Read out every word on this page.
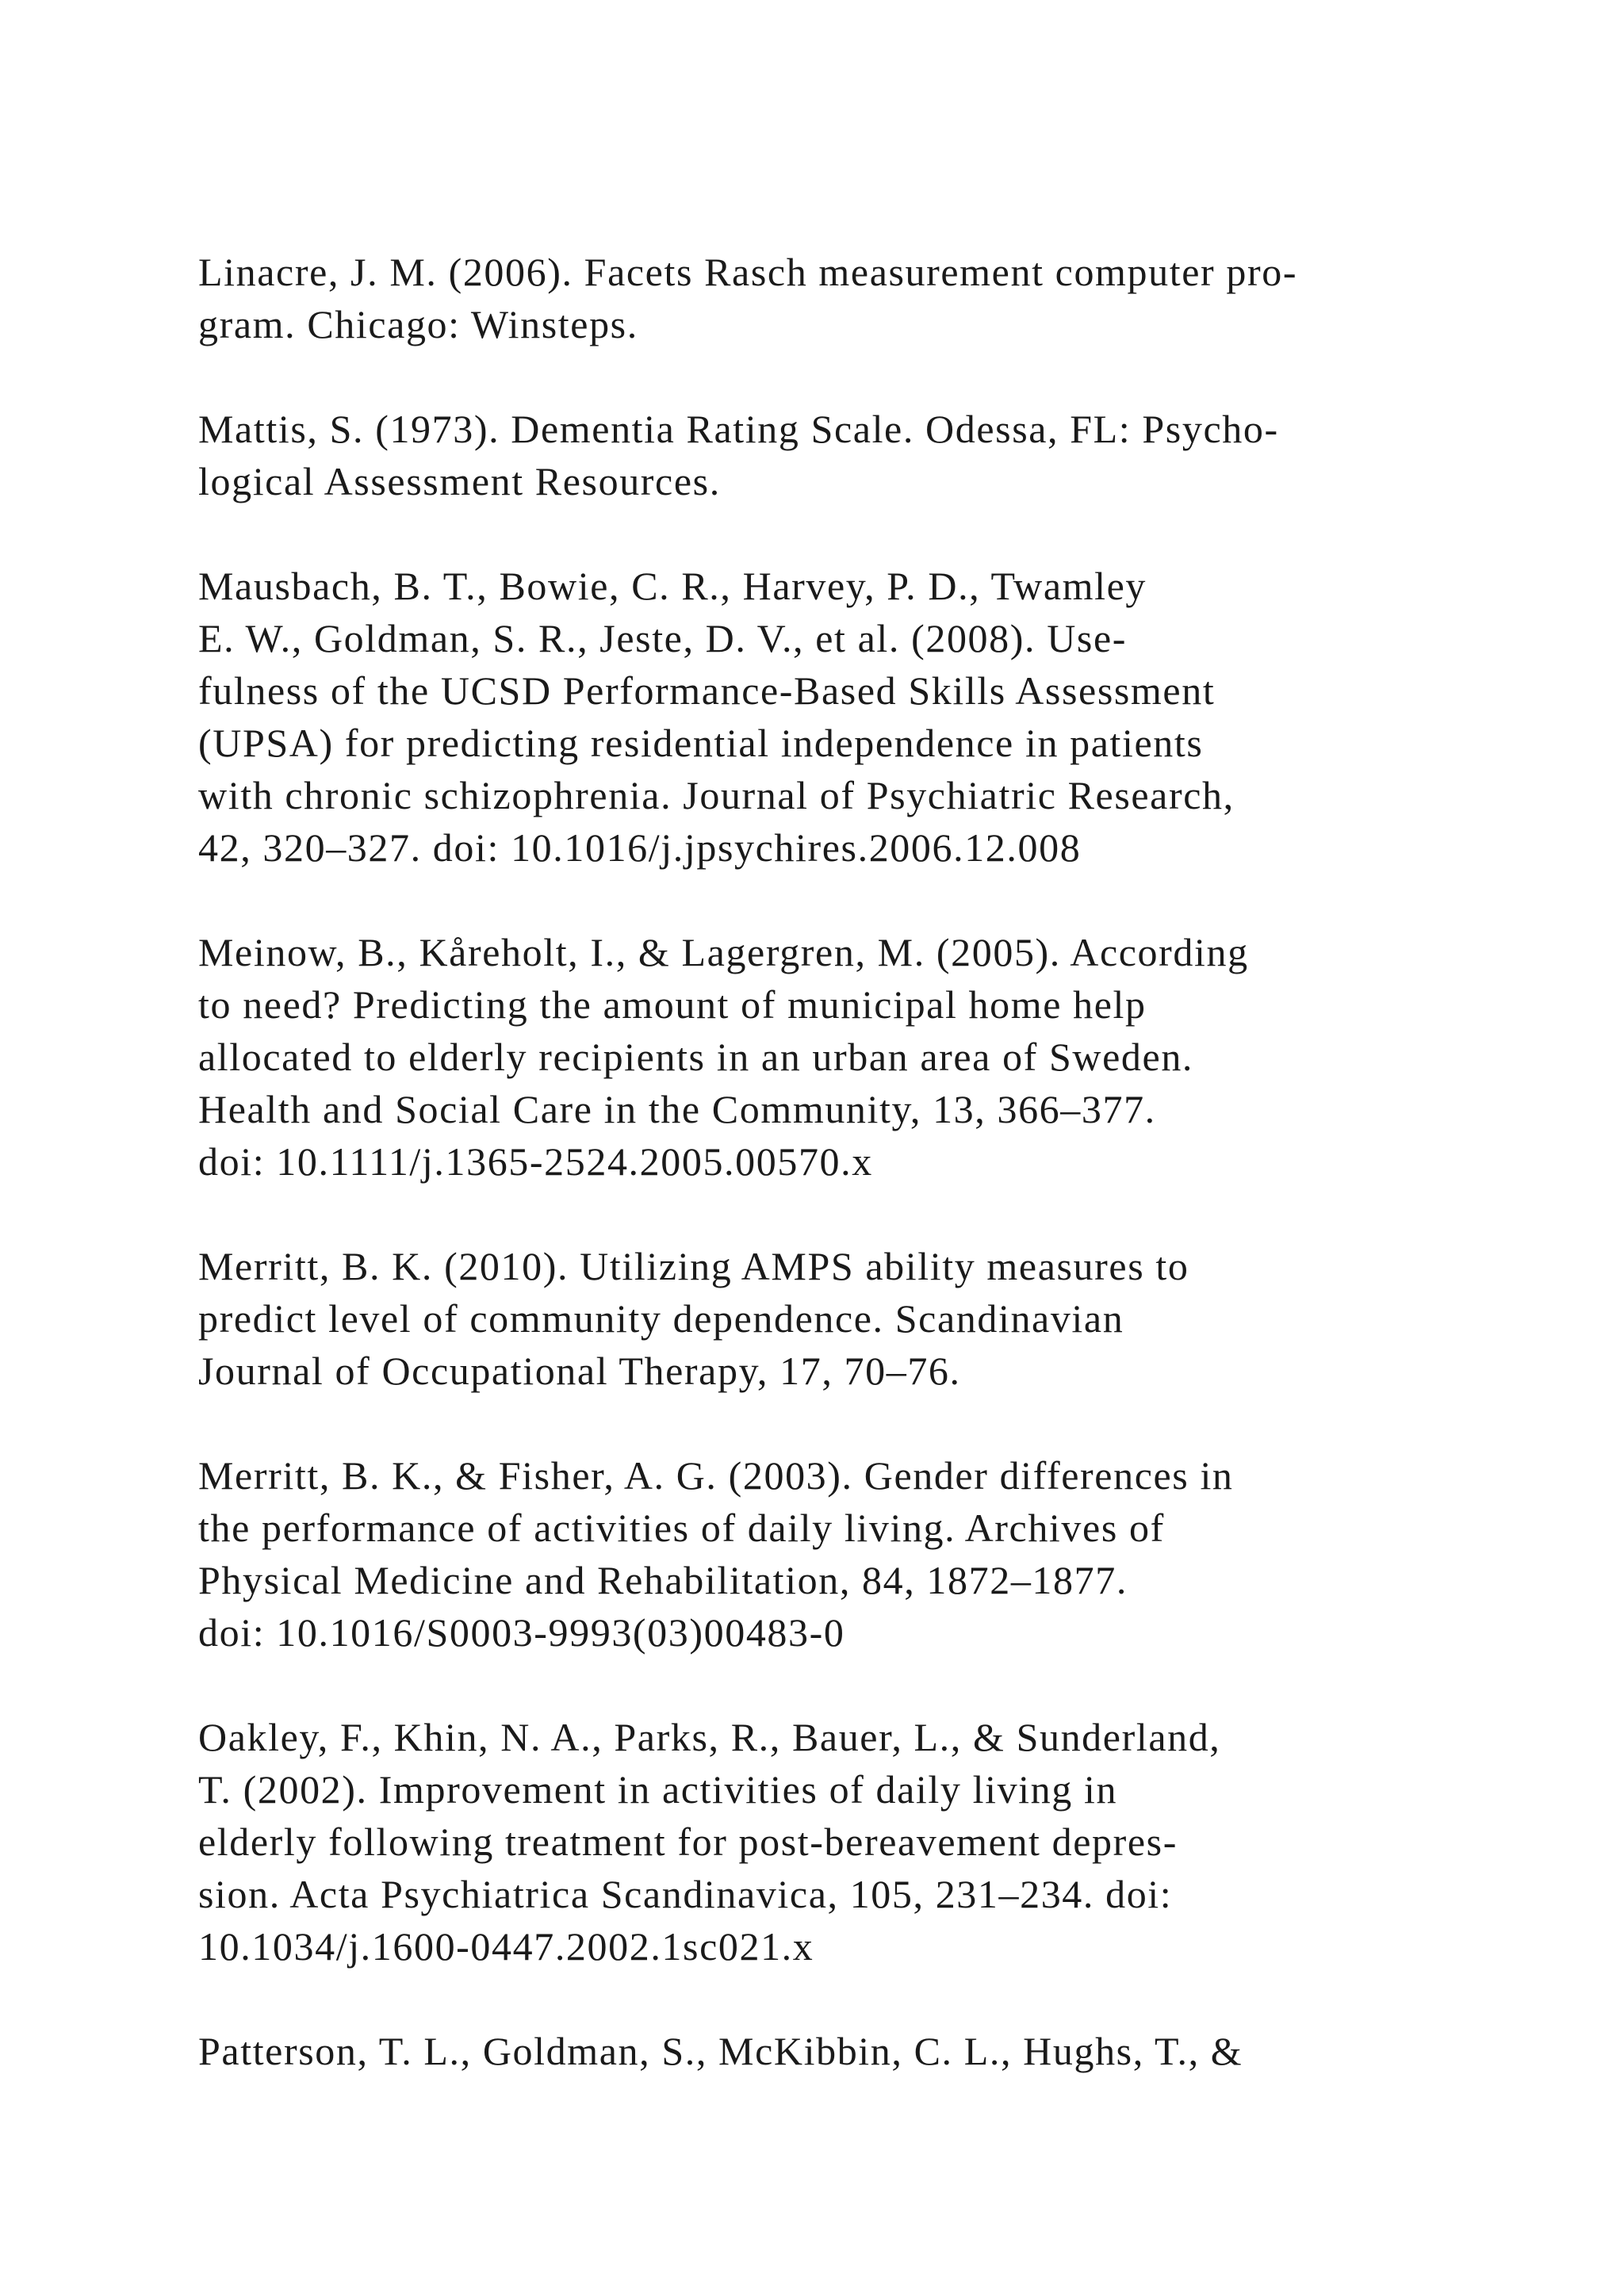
Linacre, J. M. (2006). Facets Rasch measurement computer pro-
gram. Chicago: Winsteps.
Mattis, S. (1973). Dementia Rating Scale. Odessa, FL: Psycho-
logical Assessment Resources.
Mausbach, B. T., Bowie, C. R., Harvey, P. D., Twamley
E. W., Goldman, S. R., Jeste, D. V., et al. (2008). Use-
fulness of the UCSD Performance-Based Skills Assessment
(UPSA) for predicting residential independence in patients
with chronic schizophrenia. Journal of Psychiatric Research,
42, 320–327. doi: 10.1016/j.jpsychires.2006.12.008
Meinow, B., Kåreholt, I., & Lagergren, M. (2005). According
to need? Predicting the amount of municipal home help
allocated to elderly recipients in an urban area of Sweden.
Health and Social Care in the Community, 13, 366–377.
doi: 10.1111/j.1365-2524.2005.00570.x
Merritt, B. K. (2010). Utilizing AMPS ability measures to
predict level of community dependence. Scandinavian
Journal of Occupational Therapy, 17, 70–76.
Merritt, B. K., & Fisher, A. G. (2003). Gender differences in
the performance of activities of daily living. Archives of
Physical Medicine and Rehabilitation, 84, 1872–1877.
doi: 10.1016/S0003-9993(03)00483-0
Oakley, F., Khin, N. A., Parks, R., Bauer, L., & Sunderland,
T. (2002). Improvement in activities of daily living in
elderly following treatment for post-bereavement depres-
sion. Acta Psychiatrica Scandinavica, 105, 231–234. doi:
10.1034/j.1600-0447.2002.1sc021.x
Patterson, T. L., Goldman, S., McKibbin, C. L., Hughs, T., &
